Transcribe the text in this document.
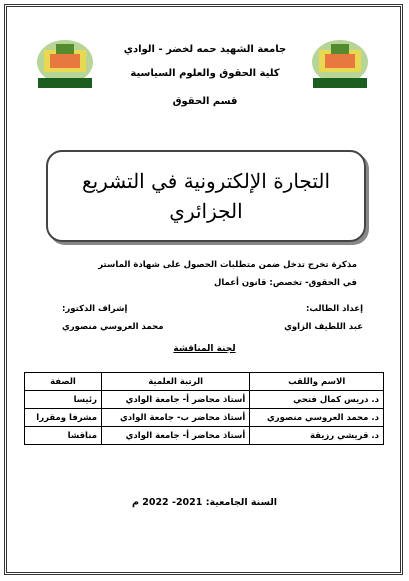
جامعة الشهيد حمه لخضر - الوادي
كلية الحقوق والعلوم السياسية
قسم الحقوق
التجارة الإلكترونية في التشريع
الجزائري
مذكرة تخرج تدخل ضمن متطلبات الحصول على شهادة الماستر
في الحقوق- تخصص: قانون أعمال
إعداد الطالب:
إشراف الدكتور:
عبد اللطيف الزاوي
محمد العروسي منصوري
لجنة المناقشة
الاسم واللقب	الرتبة العلمية	الصفة
د. دريس كمال فتحي	أستاذ محاضر أ- جامعة الوادي	رئيسا
د. محمد العروسي منصوري	أستاذ محاضر ب- جامعة الوادي	مشرفا ومقررا
د. قريشي رزيقة	أستاذ محاضر أ- جامعة الوادي	مناقشا
السنة الجامعية: 2021- 2022 م
